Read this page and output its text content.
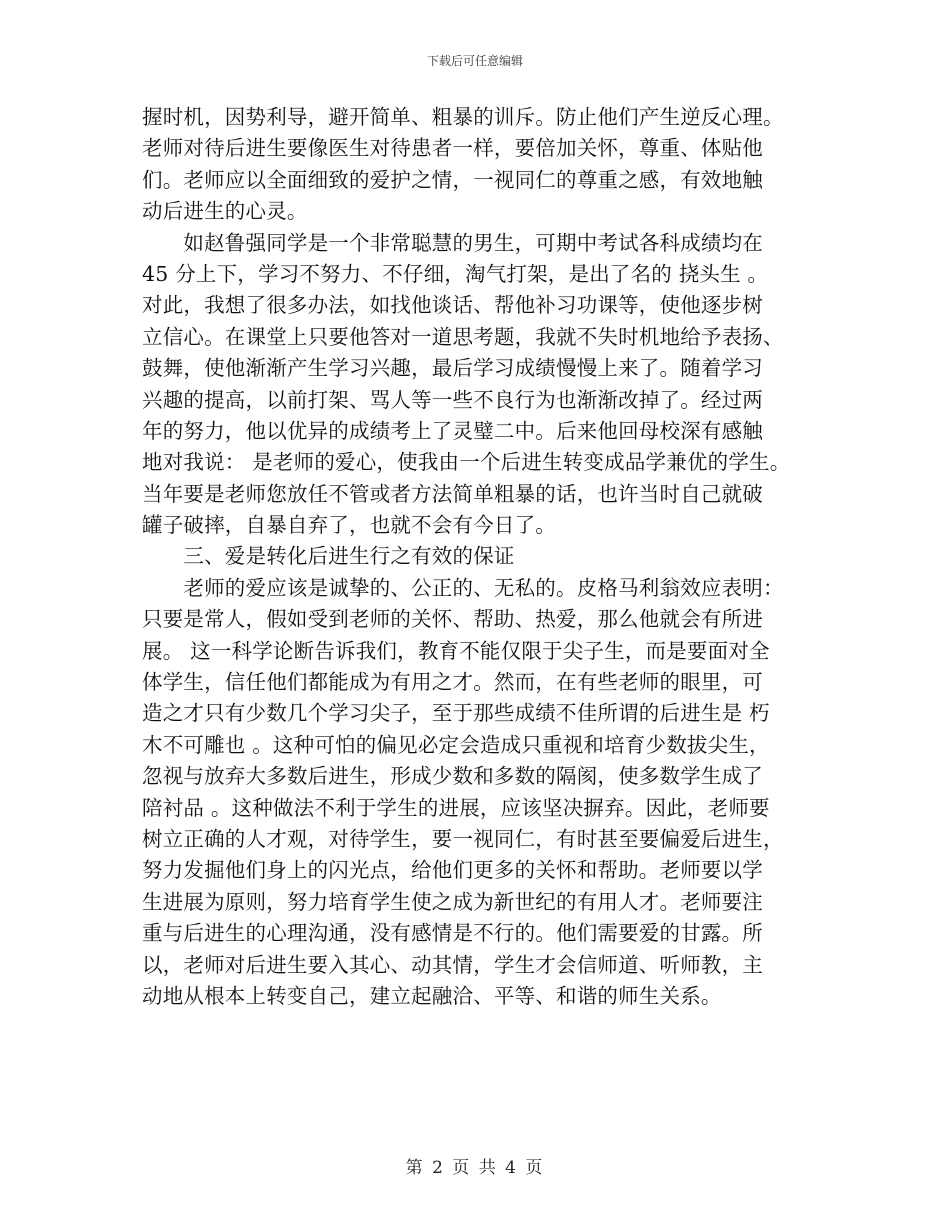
下载后可任意编辑
握时机，因势利导，避开简单、粗暴的训斥。防止他们产生逆反心理。
老师对待后进生要像医生对待患者一样，要倍加关怀，尊重、体贴他
们。老师应以全面细致的爱护之情，一视同仁的尊重之感，有效地触
动后进生的心灵。
　　如赵鲁强同学是一个非常聪慧的男生，可期中考试各科成绩均在
45 分上下，学习不努力、不仔细，淘气打架，是出了名的 挠头生 。
对此，我想了很多办法，如找他谈话、帮他补习功课等，使他逐步树
立信心。在课堂上只要他答对一道思考题，我就不失时机地给予表扬、
鼓舞，使他渐渐产生学习兴趣，最后学习成绩慢慢上来了。随着学习
兴趣的提高，以前打架、骂人等一些不良行为也渐渐改掉了。经过两
年的努力，他以优异的成绩考上了灵璧二中。后来他回母校深有感触
地对我说： 是老师的爱心，使我由一个后进生转变成品学兼优的学生。
当年要是老师您放任不管或者方法简单粗暴的话，也许当时自己就破
罐子破摔，自暴自弃了，也就不会有今日了。
　　三、爱是转化后进生行之有效的保证
　　老师的爱应该是诚挚的、公正的、无私的。皮格马利翁效应表明：
只要是常人，假如受到老师的关怀、帮助、热爱，那么他就会有所进
展。 这一科学论断告诉我们，教育不能仅限于尖子生，而是要面对全
体学生，信任他们都能成为有用之才。然而，在有些老师的眼里，可
造之才只有少数几个学习尖子，至于那些成绩不佳所谓的后进生是 朽
木不可雕也 。这种可怕的偏见必定会造成只重视和培育少数拔尖生，
忽视与放弃大多数后进生，形成少数和多数的隔阂，使多数学生成了
陪衬品 。这种做法不利于学生的进展，应该坚决摒弃。因此，老师要
树立正确的人才观，对待学生，要一视同仁，有时甚至要偏爱后进生，
努力发掘他们身上的闪光点，给他们更多的关怀和帮助。老师要以学
生进展为原则，努力培育学生使之成为新世纪的有用人才。老师要注
重与后进生的心理沟通，没有感情是不行的。他们需要爱的甘露。所
以，老师对后进生要入其心、动其情，学生才会信师道、听师教，主
动地从根本上转变自己，建立起融洽、平等、和谐的师生关系。
第 2 页 共 4 页
